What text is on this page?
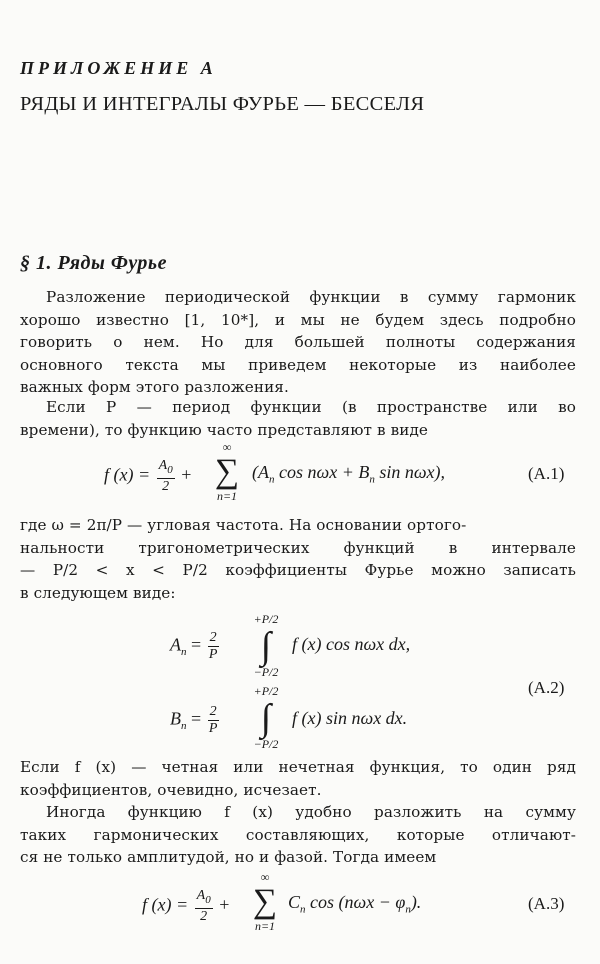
ПРИЛОЖЕНИЕ А
РЯДЫ И ИНТЕГРАЛЫ ФУРЬЕ — БЕССЕЛЯ
§ 1. Ряды Фурье
Разложение периодической функции в сумму гармоник
хорошо известно [1, 10*], и мы не будем здесь подробно
говорить о нем. Но для большей полноты содержания
основного текста мы приведем некоторые из наиболее
важных форм этого разложения.
Если P — период функции (в пространстве или во
времени), то функцию часто представляют в виде
f $(x) = \frac{A_0}{2}$ +
∞
∑
n=1
($A_n$ $\cos n\omega x + B_n$ sin nωx),	(А.1)
где ω = 2π/P — угловая частота. На основании ортого-
нальности тригонометрических функций в интервале
— P/2 < x < P/2 коэффициенты Фурье можно записать
в следующем виде:
$A_n = \frac{2}{P}$
+P/2
∫
−P/2
f (x) cos nωx dx,
$B_n = \frac{2}{P}$
+P/2
∫
−P/2
f (x) sin nωx dx.
(А.2)
Если f (x) — четная или нечетная функция, то один ряд
коэффициентов, очевидно, исчезает.
Иногда функцию f (x) удобно разложить на сумму
таких гармонических составляющих, которые отличают-
ся не только амплитудой, но и фазой. Тогда имеем
f $(x) = \frac{A_0}{2}$ +
∞
∑
n=1
$C_n$ $\cos (n\omega x - \varphi_n)$.	(А.3)
